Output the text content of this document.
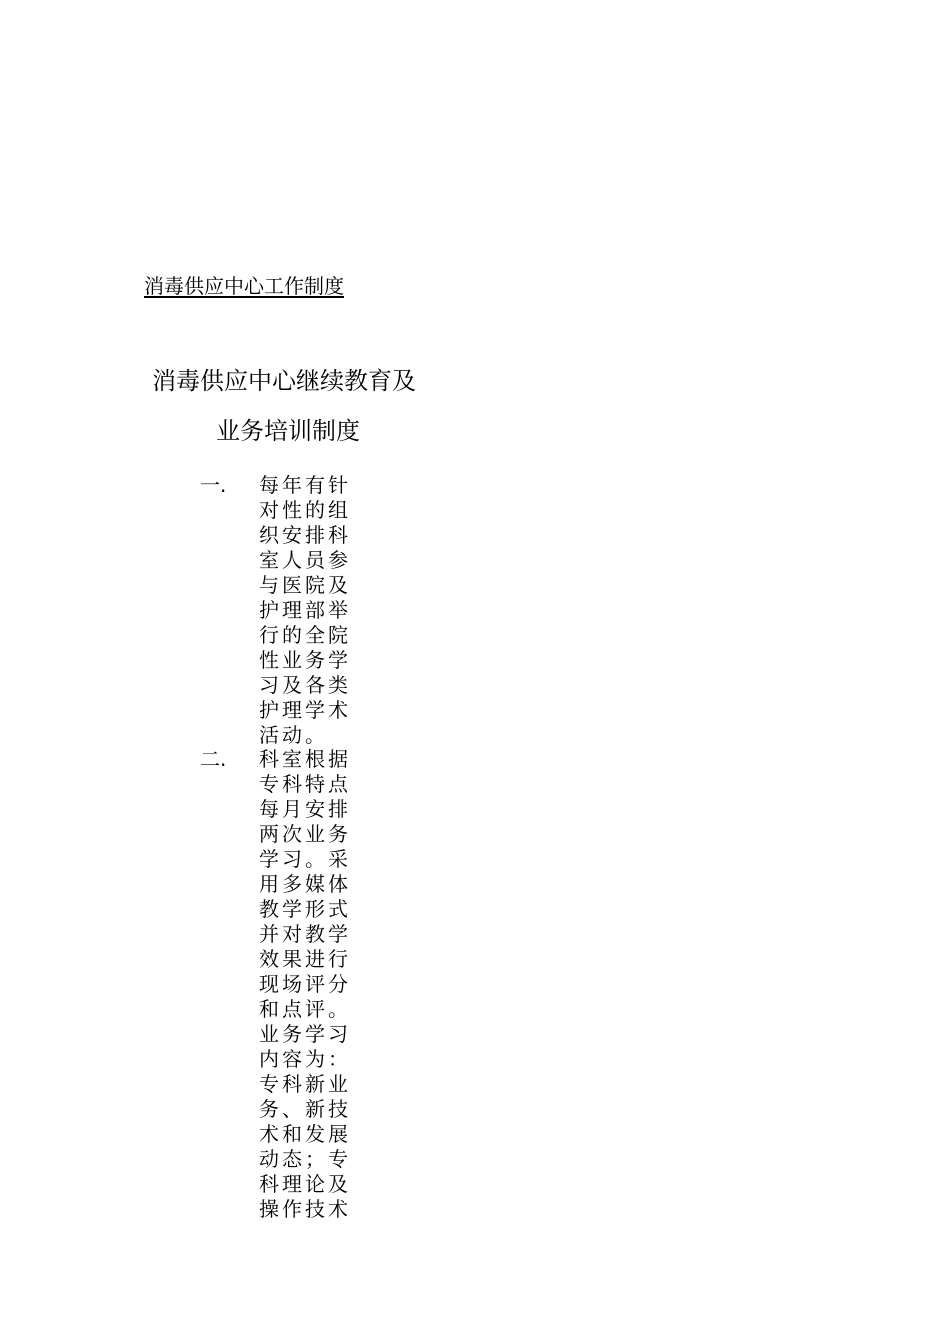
消毒供应中心工作制度
消毒供应中心继续教育及
业务培训制度
一. 每年有针
对性的组
织安排科
室人员参
与医院及
护理部举
行的全院
性业务学
习及各类
护理学术
活动。
二. 科室根据
专科特点
每月安排
两次业务
学习。采
用多媒体
教学形式
并对教学
效果进行
现场评分
和点评。
业务学习
内容为：
专科新业
务、新技
术和发展
动态；专
科理论及
操作技术
